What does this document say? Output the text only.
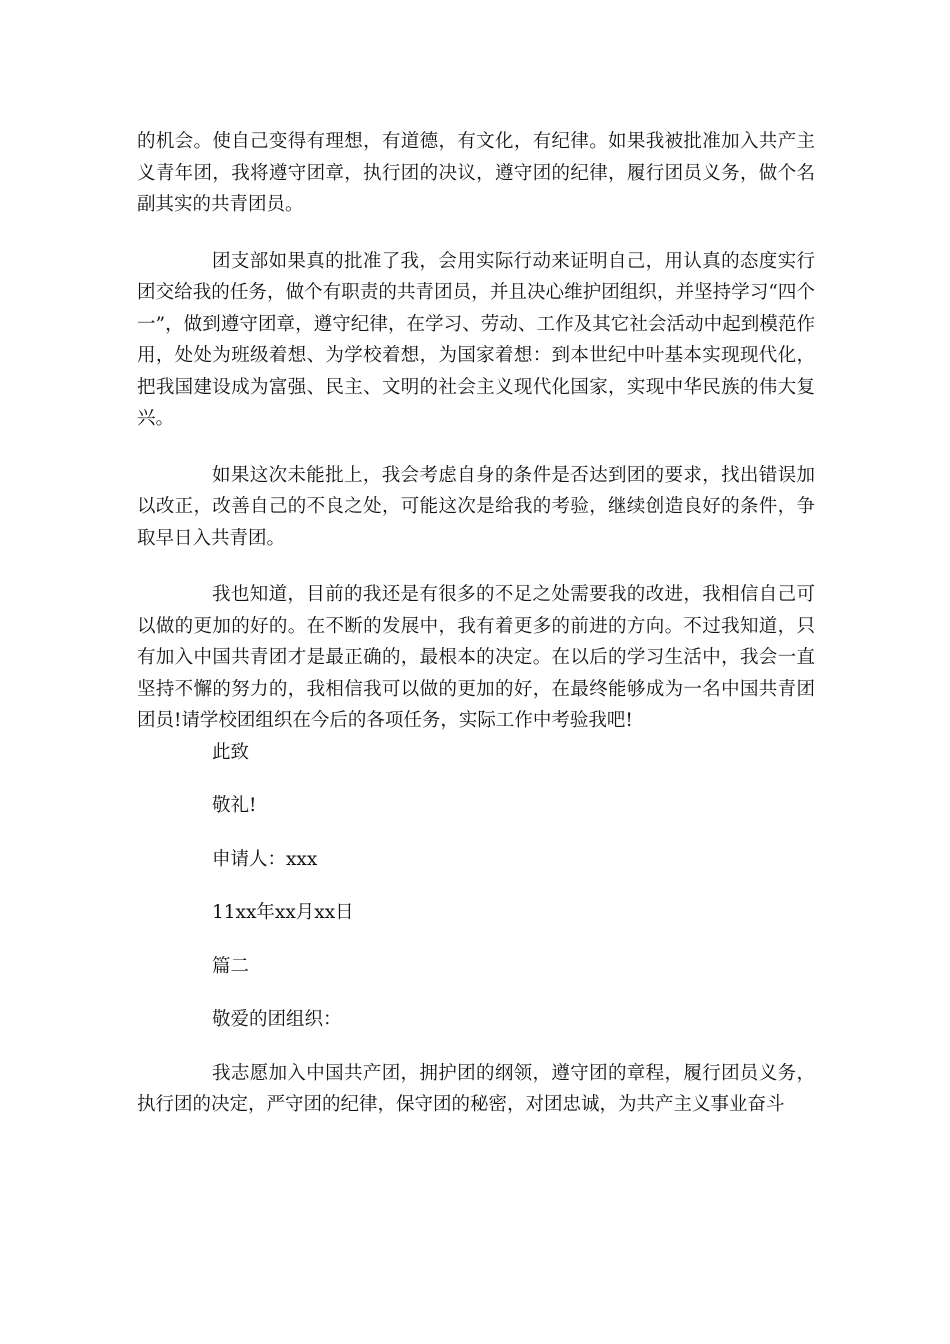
的机会。使自己变得有理想，有道德，有文化，有纪律。如果我被批准加入共产主义青年团，我将遵守团章，执行团的决议，遵守团的纪律，履行团员义务，做个名副其实的共青团员。

团支部如果真的批准了我，会用实际行动来证明自己，用认真的态度实行团交给我的任务，做个有职责的共青团员，并且决心维护团组织，并坚持学习“四个一”，做到遵守团章，遵守纪律，在学习、劳动、工作及其它社会活动中起到模范作用，处处为班级着想、为学校着想，为国家着想：到本世纪中叶基本实现现代化，把我国建设成为富强、民主、文明的社会主义现代化国家，实现中华民族的伟大复兴。

如果这次未能批上，我会考虑自身的条件是否达到团的要求，找出错误加以改正，改善自己的不良之处，可能这次是给我的考验，继续创造良好的条件，争取早日入共青团。

我也知道，目前的我还是有很多的不足之处需要我的改进，我相信自己可以做的更加的好的。在不断的发展中，我有着更多的前进的方向。不过我知道，只有加入中国共青团才是最正确的，最根本的决定。在以后的学习生活中，我会一直坚持不懈的努力的，我相信我可以做的更加的好，在最终能够成为一名中国共青团团员!请学校团组织在今后的各项任务，实际工作中考验我吧!

此致

敬礼!

申请人：xxx

11xx年xx月xx日

篇二

敬爱的团组织：

我志愿加入中国共产团，拥护团的纲领，遵守团的章程，履行团员义务，执行团的决定，严守团的纪律，保守团的秘密，对团忠诚，为共产主义事业奋斗
